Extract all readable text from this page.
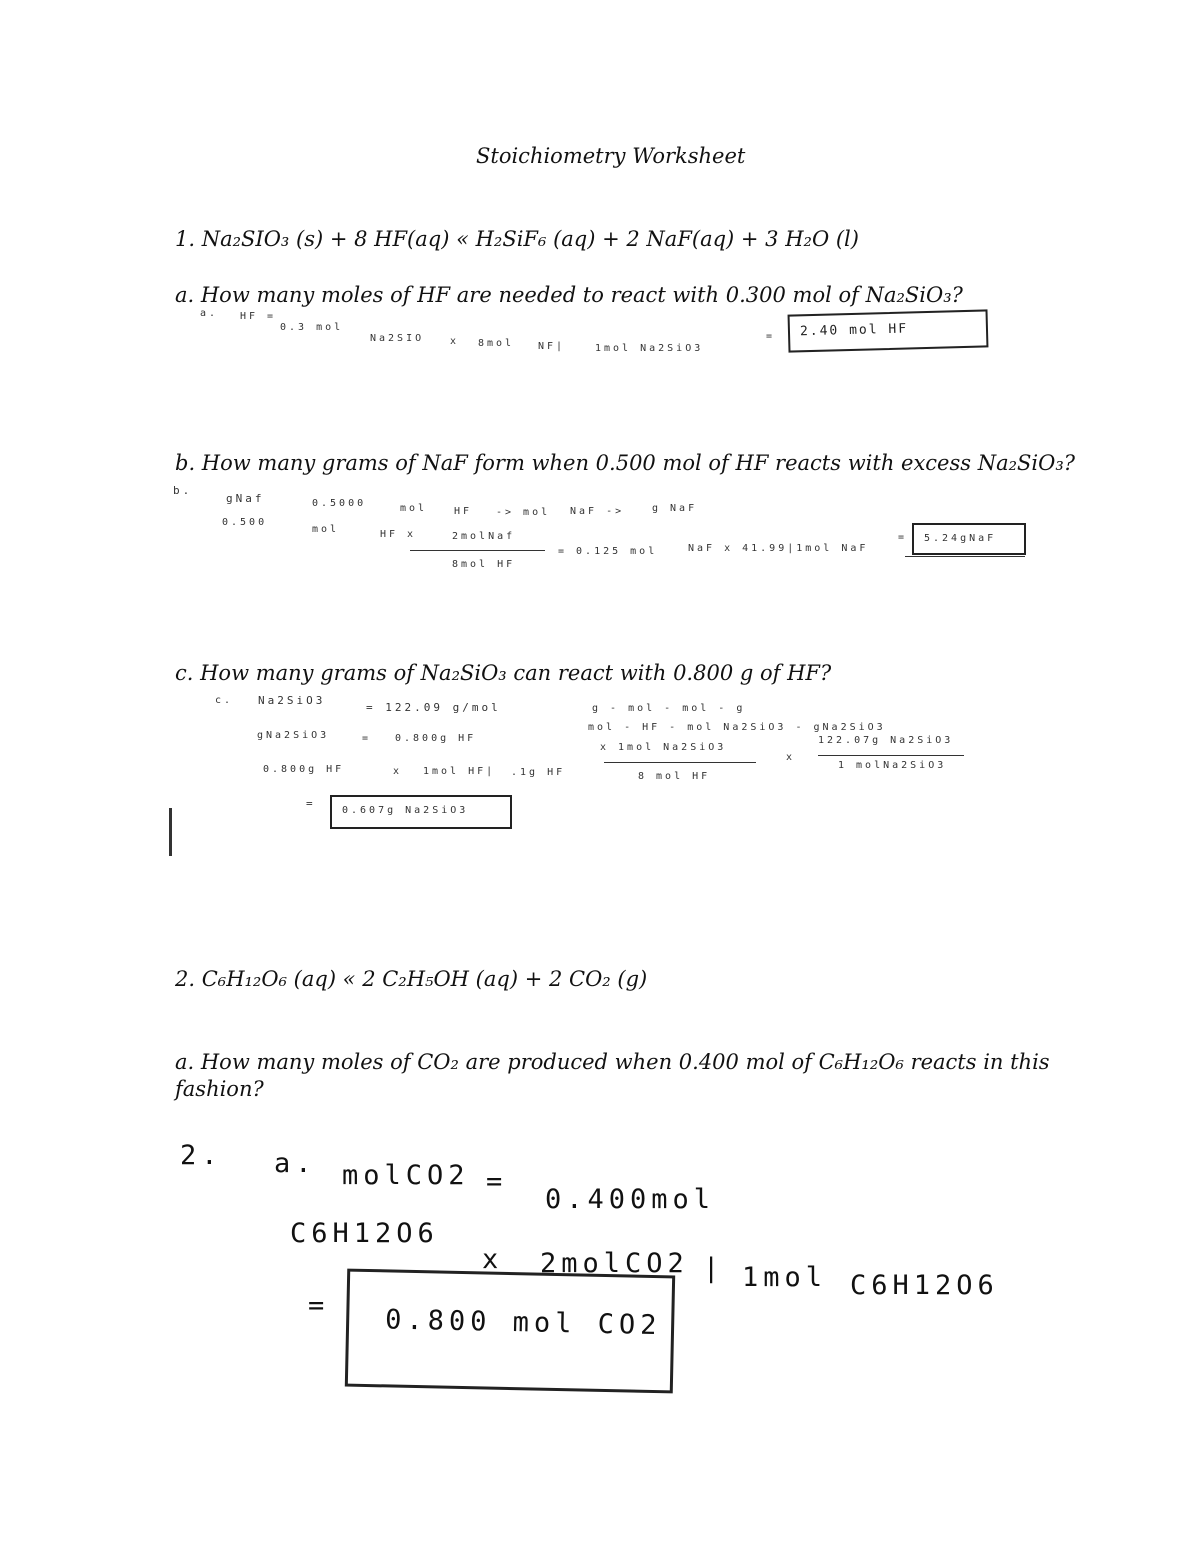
Stoichiometry Worksheet
1. Na₂SIO₃ (s) + 8 HF(aq) « H₂SiF₆ (aq) + 2 NaF(aq) + 3 H₂O (l)
a. How many moles of HF are needed to react with 0.300 mol of Na₂SiO₃?
a. HF =
0.3 mol
Na2SIO	x 8mol NF|	1mol Na2SiO3
= 2.40 mol HF
b. How many grams of NaF form when 0.500 mol of HF reacts with excess Na₂SiO₃?
b.
gNaf	0.5000	mol	HF -> mol NaF ->	g NaF
0.500
mol	HF x	2molNaf
8mol HF
= 0.125 mol	NaF x 41.99|1mol NaF
= 5.24gNaF
c. How many grams of Na₂SiO₃ can react with 0.800 g of HF?
c. Na2SiO3
= 122.09 g/mol
gNa2SiO3	= 0.800g HF
0.800g HF	x 1mol HF| .1g HF
=
0.607g Na2SiO3
g - mol - mol - g
mol - HF - mol Na2SiO3 - gNa2SiO3
x 1mol Na2SiO3
8 mol HF
x
122.07g Na2SiO3
1 molNa2SiO3
2. C₆H₁₂O₆ (aq) « 2 C₂H₅OH (aq) + 2 CO₂ (g)
a. How many moles of CO₂ are produced when 0.400 mol of C₆H₁₂O₆ reacts in this
fashion?
2. a. molCO2 =
0.400mol
C6H12O6
x 2molCO2 | 1mol C6H12O6
= 0.800 mol CO2
